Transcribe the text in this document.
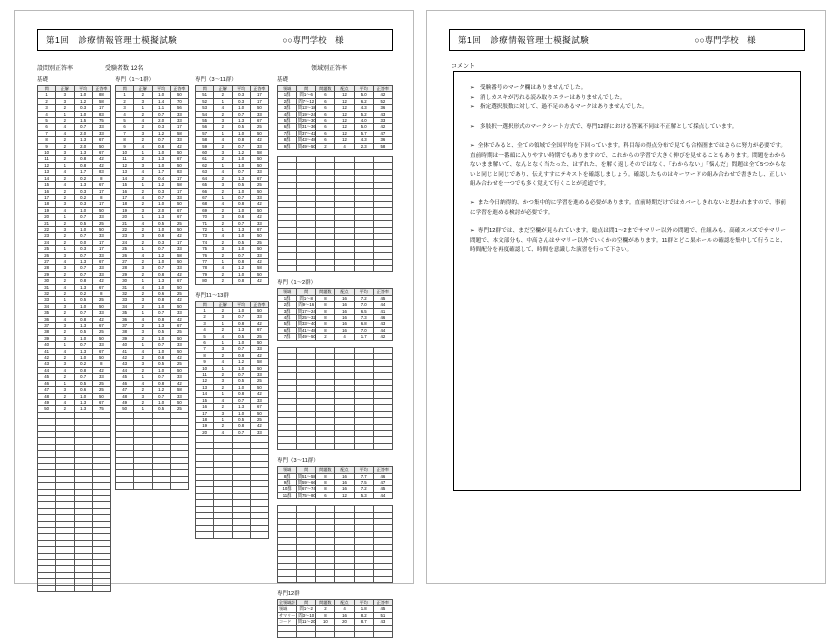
第1回　診療情報管理士模擬試験	○○専門学校　様
設問別正答率	受験者数 12名	領域別正答率
基礎
問	正解	平均	正答率
1	3	1.0	88
2	3	1.2	58
3	2	0.3	17
4	1	1.0	83
5	2	1.5	75
6	4	0.7	33
7	4	2.0	33
8	2	1.3	67
9	2	2.0	50
10	3	1.3	67
11	2	0.8	42
12	1	0.8	42
13	4	1.7	83
14	2	0.2	8
15	4	1.3	67
16	2	0.3	17
17	2	0.2	8
18	3	0.3	17
19	4	1.0	50
20	1	0.7	33
21	2	0.5	25
22	3	1.0	50
23	2	0.7	33
24	2	0.0	17
25	1	0.3	17
26	3	0.7	33
27	4	1.3	67
28	3	0.7	33
29	2	0.7	33
30	2	0.8	42
31	4	1.3	67
32	2	0.2	8
33	1	0.5	25
34	3	1.0	50
35	2	0.7	33
36	4	0.8	42
37	3	1.3	67
38	2	0.5	25
39	3	1.0	50
40	1	0.7	33
41	4	1.3	67
42	2	1.0	50
43	3	0.2	8
44	4	0.8	42
45	2	0.7	33
46	1	0.5	25
47	3	0.6	25
48	2	1.0	50
49	4	1.3	67
50	2	1.3	75

専門（1～1群）
問	正解	平均	正答率
1	2	1.0	50
2	3	1.4	70
3	1	1.1	56
4	2	0.7	33
5	4	2.0	33
6	2	0.3	17
7	3	1.2	58
8	2	0.7	33
9	4	0.8	42
10	1	1.0	50
11	2	1.3	67
12	3	1.0	50
13	4	1.7	83
14	2	0.4	17
15	1	1.2	58
16	2	0.3	17
17	4	0.7	33
18	2	1.0	50
19	3	2.0	67
20	1	1.3	67
21	4	0.5	25
22	2	1.0	50
23	3	0.8	42
24	2	0.3	17
25	1	0.7	33
26	4	1.2	58
27	2	1.0	50
28	3	0.7	33
29	2	0.8	42
30	1	1.3	67
31	4	1.0	50
32	2	0.6	25
33	3	0.8	42
34	2	1.0	50
35	1	0.7	33
36	4	0.8	42
37	2	1.3	67
38	3	0.5	25
39	2	1.0	50
40	1	0.7	33
41	4	1.0	50
42	2	0.8	42
43	3	0.5	25
44	2	1.0	50
45	1	0.7	33
46	4	0.8	42
47	2	1.2	58
48	3	0.7	33
49	2	1.0	50
50	1	0.5	25

専門（3～11群）
問	正解	平均	正答率
51	2	0.3	17
52	1	0.3	17
53	4	1.0	50
54	2	0.7	33
55	3	1.3	67
56	2	0.5	25
57	1	1.0	50
58	4	0.8	42
59	2	0.7	33
60	3	1.2	58
61	2	1.0	50
62	1	1.0	50
63	4	0.7	33
64	2	1.3	67
65	3	0.5	25
66	2	1.0	50
67	1	0.7	33
68	4	0.8	42
69	2	1.0	50
70	3	0.8	42
71	2	0.7	33
72	1	1.3	67
73	4	1.0	50
74	2	0.5	25
75	3	1.0	50
76	2	0.7	33
77	1	0.8	42
78	4	1.2	58
79	2	1.0	50
80	2	0.8	42
専門11～13群
問	正解	平均	正答率
1	2	1.0	50
2	3	0.7	33
3	1	0.8	42
4	2	1.3	67
5	4	0.5	25
6	1	1.0	50
7	3	0.7	33
8	2	0.8	42
9	4	1.2	58
10	1	1.0	50
11	2	0.7	33
12	3	0.5	25
13	2	1.0	50
14	1	0.8	42
15	4	0.7	33
16	2	1.3	67
17	3	1.0	50
18	1	0.5	25
19	2	0.8	42
20	4	0.7	33

基礎
領域	問	問題数	配点	平均	正答率
1群	問1～6	6	12	5.0	42
2群	問7～12	6	12	6.2	52
3群	問13～18	6	12	4.3	36
4群	問19～24	6	12	5.2	43
5群	問25～30	6	12	4.0	33
6群	問31～36	6	12	5.0	42
7群	問37～42	6	12	5.7	47
8群	問43～48	6	12	4.3	36
9群	問49～50	2	4	2.3	58

専門（1～2群）
領域	問	問題数	配点	平均	正答率
1群	問1～8	8	16	7.2	45
2群	問9～16	8	16	7.0	44
3群	問17～24	8	16	6.5	41
4群	問25～32	8	16	7.3	46
5群	問33～40	8	16	6.8	43
6群	問41～48	8	16	7.0	44
7群	問49～50	2	4	1.7	42

専門（3～11群）
領域	問	問題数	配点	平均	正答率
8群	問51～58	8	16	7.7	46
9群	問59～66	8	16	7.5	47
10群	問67～74	8	16	7.2	45
11群	問75～80	6	12	5.3	44

専門12群
全領域計	問	問題数	配点	平均	正答率
領域	問1～2	2	4	1.8	45
サマリー	問3～10	8	16	8.2	51
コード	問11～20	10	20	8.7	43

第1回　診療情報管理士模擬試験	○○専門学校　様
コメント
➢ 受験番号のマーク欄はありませんでした。
➢ 消しカスキが汚れる読み取りエラーはありませんでした。
➢ 指定選択肢数に対して、過不足のあるマークはありませんでした。
➢ 多肢択一選択形式のマークシート方式で、専門12群における答案不同は不正解として採点しています。
➢ 全体でみると、全ての領域で全国平均を下回っています。科目毎の得点分布で見ても合格圏まではさらに努力が必要です。直前時期は一番頭に入りやすい時期でもありますので、これからの学習で大きく伸びを見せることもあります。問題をわからないまま解いて、なんとなく当たった、はずれた、を解く返しそのではなく、「わからない」「悩んだ」問題は全て5つからないと同じと同じであり、伝えすすにテキストを確認しましょう。確認したものはキーワードの組み合わせで書きたし、正しい組み合わせを一つでも多く覚えて行くことが近道です。
➢ また今日納得的、かつ集中的に学習を進める必要があります。直前時期だけではカバーしきれないと思われますので、事前に学習を進める検討が必要です。
➢ 専門12群では、まだ空欄が見られています。総点は問1～2までサマリー以外の問題で、仕組みも、高確スパズでサマリー問題で、本文部分も、中高さんはサマリー以外でいくかの空欄があります。11群とどこ果ホールの確認を集中して行うこと、時間配分を再度確認して、時間を意識した演習を行って下さい。
